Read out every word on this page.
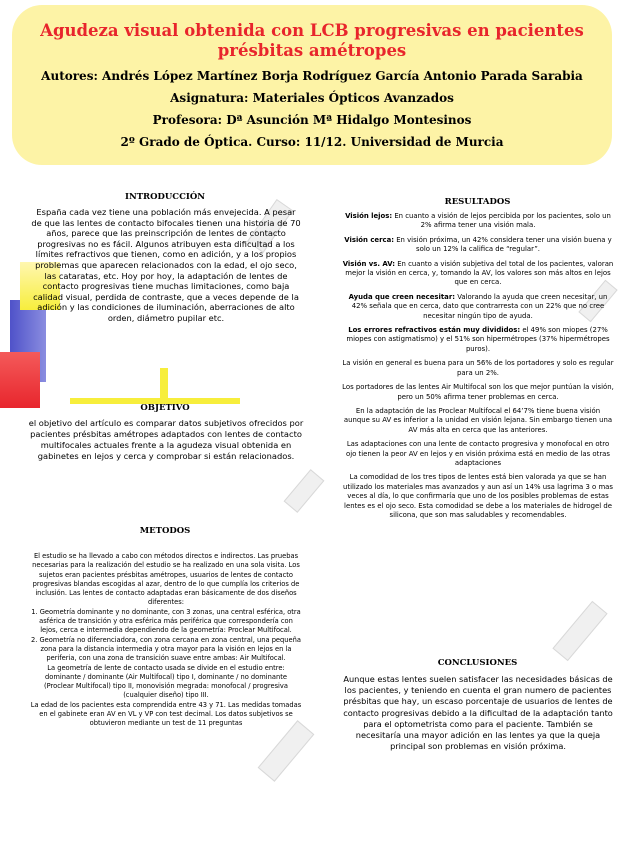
Agudeza visual obtenida con LCB progresivas en pacientes
présbitas amétropes
Autores: Andrés López Martínez Borja Rodríguez García Antonio Parada Sarabia
Asignatura: Materiales Ópticos Avanzados
Profesora: Dª Asunción Mª Hidalgo Montesinos
2º Grado de Óptica. Curso: 11/12. Universidad de Murcia
INTRODUCCIÓN
España cada vez tiene una población más envejecida. A pesar de que las lentes de contacto bifocales tienen una historia de 70 años, parece que las preinscripción de lentes de contacto progresivas no es fácil. Algunos atribuyen esta dificultad a los límites refractivos que tienen, como en adición, y a los propios problemas que aparecen relacionados con la edad, el ojo seco, las cataratas, etc. Hoy por hoy, la adaptación de lentes de contacto progresivas tiene muchas limitaciones, como baja calidad visual, perdida de contraste, que a veces depende de la adición y las condiciones de iluminación, aberraciones de alto orden, diámetro pupilar etc.
OBJETIVO
el objetivo del artículo es comparar datos subjetivos ofrecidos por pacientes présbitas amétropes adaptados con lentes de contacto multifocales actuales frente a la agudeza visual obtenida en gabinetes en lejos y cerca y comprobar si están relacionados.
METODOS

El estudio se ha llevado a cabo con métodos directos e indirectos. Las pruebas necesarias para la realización del estudio se ha realizado en una sola visita. Los sujetos eran pacientes présbitas amétropes, usuarios de lentes de contacto progresivas blandas escogidas al azar, dentro de lo que cumplía los criterios de inclusión. Las lentes de contacto adaptadas eran básicamente de dos diseños diferentes:

1. Geometría dominante y no dominante, con 3 zonas, una central esférica, otra asférica de transición y otra esférica más periférica que correspondería con lejos, cerca e intermedia dependiendo de la geometría: Proclear Multifocal.

2. Geometría no diferenciadora, con zona cercana en zona central, una pequeña zona para la distancia intermedia y otra mayor para la visión en lejos en la periferia, con una zona de transición suave entre ambas: Air Multifocal.

La geometría de lente de contacto usada se divide en el estudio entre: dominante / dominante (Air Multifocal) tipo I, dominante / no dominante (Proclear Multifocal) tipo II, monovisión megrada: monofocal / progresiva (cualquier diseño) tipo III.

La edad de los pacientes esta comprendida entre 43 y 71. Las medidas tomadas en el gabinete eran AV en VL y VP con test decimal. Los datos subjetivos se obtuvieron mediante un test de 11 preguntas

RESULTADOS

Visión lejos: En cuanto a visión de lejos percibida por los pacientes, solo un 2% afirma tener una visión mala.

Visión cerca: En visión próxima, un 42% considera tener una visión buena y solo un 12% la califica de “regular”.

Visión vs. AV: En cuanto a visión subjetiva del total de los pacientes, valoran mejor la visión en cerca, y, tomando la AV, los valores son más altos en lejos que en cerca.

Ayuda que creen necesitar: Valorando la ayuda que creen necesitar, un 42% señala que en cerca, dato que contrarresta con un 22% que no cree necesitar ningún tipo de ayuda.

Los errores refractivos están muy divididos: el 49% son miopes (27% miopes con astigmatismo) y el 51% son hipermétropes (37% hipermétropes puros).

La visión en general es buena para un 56% de los portadores y solo es regular para un 2%.

Los portadores de las lentes Air Multifocal son los que mejor puntúan la visión, pero un 50% afirma tener problemas en cerca.

En la adaptación de las Proclear Multifocal el 64’7% tiene buena visión aunque su AV es inferior a la unidad en visión lejana. Sin embargo tienen una AV más alta en cerca que las anteriores.

Las adaptaciones con una lente de contacto progresiva y monofocal en otro ojo tienen la peor AV en lejos y en visión próxima está en medio de las otras adaptaciones

La comodidad de los tres tipos de lentes está bien valorada ya que se han utilizado los materiales mas avanzados y aun así un 14% usa lagrima 3 o mas veces al día, lo que confirmaría que uno de los posibles problemas de estas lentes es el ojo seco. Esta comodidad se debe a los materiales de hidrogel de silicona, que son mas saludables y recomendables.

CONCLUSIONES
Aunque estas lentes suelen satisfacer las necesidades básicas de los pacientes, y teniendo en cuenta el gran numero de pacientes présbitas que hay, un escaso porcentaje de usuarios de lentes de contacto progresivas debido a la dificultad de la adaptación tanto para el optometrista como para el paciente. También se necesitaría una mayor adición en las lentes ya que la queja principal son problemas en visión próxima.
